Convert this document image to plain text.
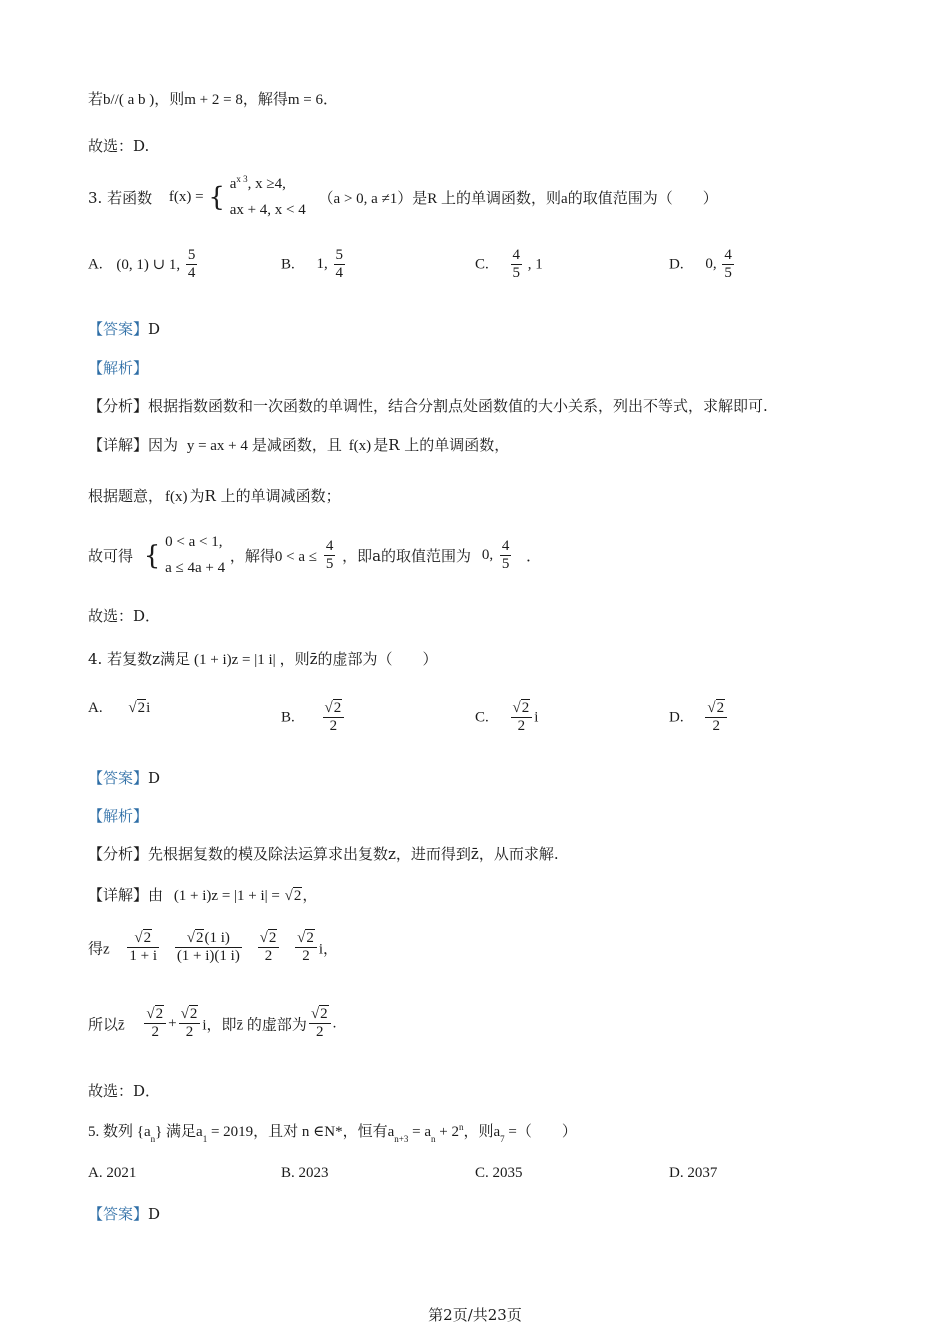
若b//( a b )，则m + 2 = 8，解得m = 6．
故选：D.
3. 若函数 f(x) = { $a^{x 3}$, x ≥4,
ax + 4, x < 4
（a > 0, a ≠1）是R 上的单调函数，则a的取值范围为（　　）
A. (0, 1) ∪ 1, $\frac{5}{4}$	B. 1, $\frac{5}{4}$	C. $\frac{4}{5}$ , 1	D. 0, $\frac{4}{5}$
【答案】D
【解析】
【分析】根据指数函数和一次函数的单调性，结合分割点处函数值的大小关系，列出不等式，求解即可.
【详解】因为 y = ax + 4 是减函数，且 f(x) 是R 上的单调函数，
根据题意， f(x) 为R 上的单调减函数；
故可得 { 0 < a < 1,
a ≤ 4a + 4
，解得$0 < a \le \frac{4}{5}$ ，即a的取值范围为 0, $\frac{4}{5}$ ．
故选：D．
4. 若复数z满足 (1 + i)z = |1 i| ，则z̄的虚部为（　　）
A. √2i
B. $\frac{√2}{2}$	C. $\frac{√2}{2}$ i	D. $\frac{√2}{2}$
【答案】D
【解析】
【分析】先根据复数的模及除法运算求出复数z，进而得到z̄，从而求解.
【详解】由 (1 + i)z = |1 + i| = √2，
得z $\frac{√2}{1 + i}$
$\frac{√2(1 i)}{(1 + i)(1 i)}$
$\frac{√2}{2}$
$\frac{√2}{2}$ i，
所以z̄ $\frac{√2}{2} + \frac{√2}{2}$ i，即z̄ 的虚部为 $\frac{√2}{2}$ .
故选：D．
5. 数列 $\{a_n\}$ 满足$a_1 = 2019$，且对 n ∈N*，恒有$a_{n+3} = a_n + 2^n$，则$a_7$ =（　　）
A. 2021	B. 2023	C. 2035	D. 2037
【答案】D
第2页/共23页
